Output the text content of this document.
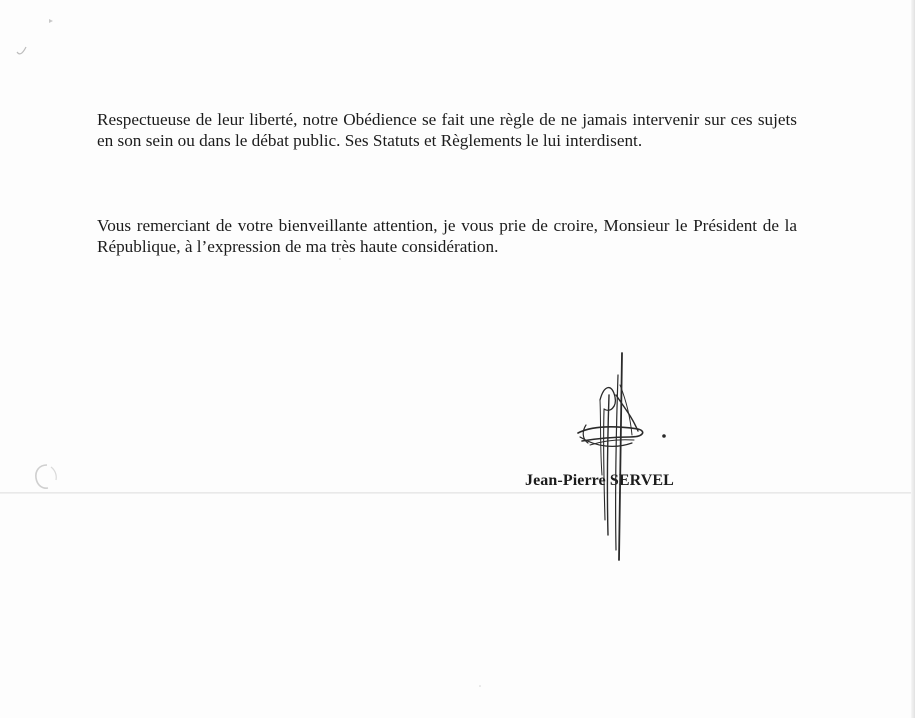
Respectueuse de leur liberté, notre Obédience se fait une règle de ne jamais intervenir sur ces sujets en son sein ou dans le débat public. Ses Statuts et Règlements le lui interdisent.

Vous remerciant de votre bienveillante attention, je vous prie de croire, Monsieur le Président de la République, à l’expression de ma très haute considération.

Jean-Pierre SERVEL
